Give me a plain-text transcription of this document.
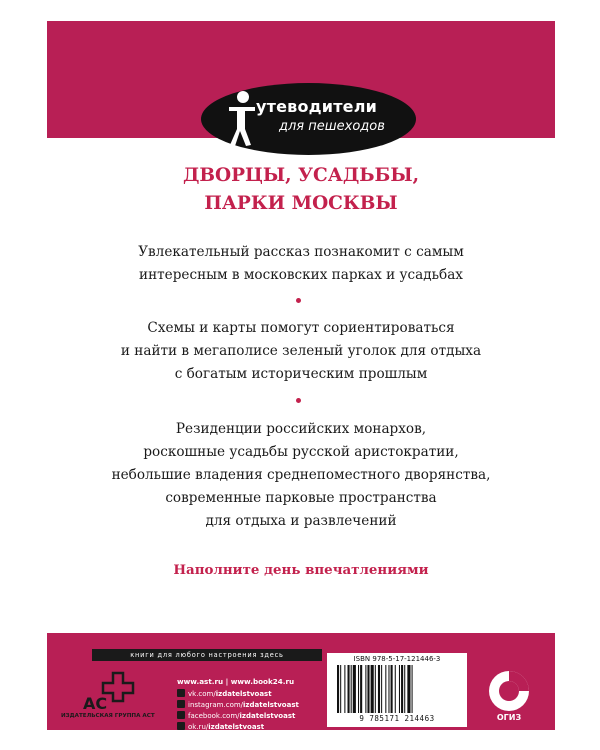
утеводители
для пешеходов
ДВОРЦЫ, УСАДЬБЫ,
ПАРКИ МОСКВЫ
Увлекательный рассказ познакомит с самым
интересным в московских парках и усадьбах
Схемы и карты помогут сориентироваться
и найти в мегаполисе зеленый уголок для отдыха
с богатым историческим прошлым
Резиденции российских монархов,
роскошные усадьбы русской аристократии,
небольшие владения среднепоместного дворянства,
современные парковые пространства
для отдыха и развлечений
Наполните день впечатлениями
книги для любого настроения здесь
AC
ИЗДАТЕЛЬСКАЯ ГРУППА АСТ
www.ast.ru | www.book24.ru
vk.com/izdatelstvoast
instagram.com/izdatelstvoast
facebook.com/izdatelstvoast
ok.ru/izdatelstvoast
ISBN 978-5-17-121446-3
9 785171 214463	ОГИЗ
